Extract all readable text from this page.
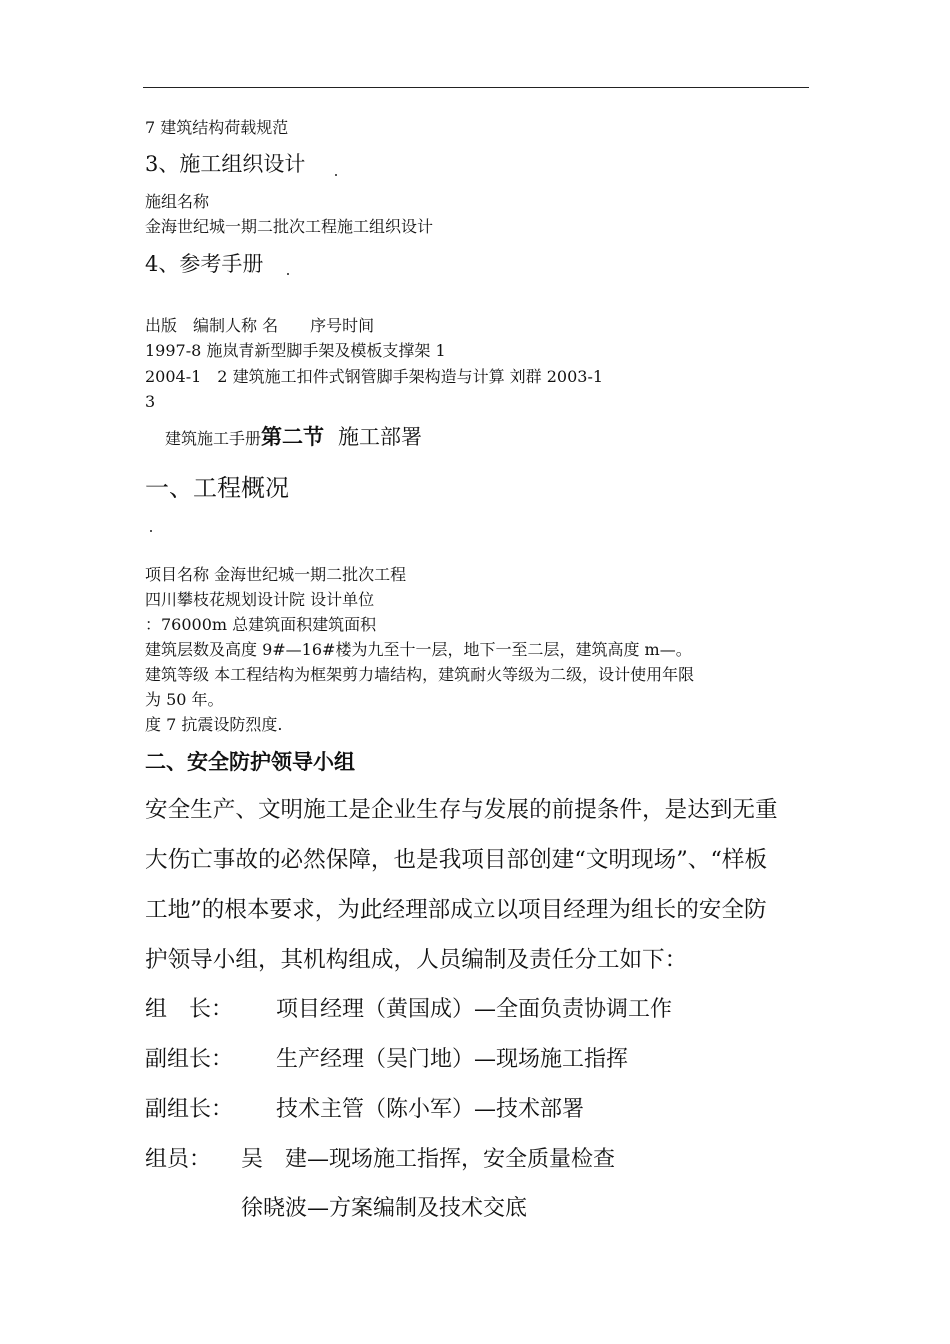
7 建筑结构荷载规范
3、施工组织设计
施组名称
金海世纪城一期二批次工程施工组织设计
4、参考手册
出版　编制人称 名　　序号时间
1997-8 施岚青新型脚手架及模板支撑架 1
2004-1　2 建筑施工扣件式钢管脚手架构造与计算 刘群 2003-1
3
建筑施工手册第二节 施工部署
一、工程概况
项目名称 金海世纪城一期二批次工程
四川攀枝花规划设计院 设计单位
：76000m 总建筑面积建筑面积
建筑层数及高度 9#—16#楼为九至十一层，地下一至二层，建筑高度 m—。
建筑等级 本工程结构为框架剪力墙结构，建筑耐火等级为二级，设计使用年限
为 50 年。
度 7 抗震设防烈度.
二、安全防护领导小组
安全生产、文明施工是企业生存与发展的前提条件，是达到无重
大伤亡事故的必然保障，也是我项目部创建“文明现场”、“样板
工地”的根本要求，为此经理部成立以项目经理为组长的安全防
护领导小组，其机构组成，人员编制及责任分工如下：
组　长： 项目经理（黄国成）—全面负责协调工作
副组长： 生产经理（吴门地）—现场施工指挥
副组长： 技术主管（陈小军）—技术部署
组员： 吴　建—现场施工指挥，安全质量检查
徐晓波—方案编制及技术交底
